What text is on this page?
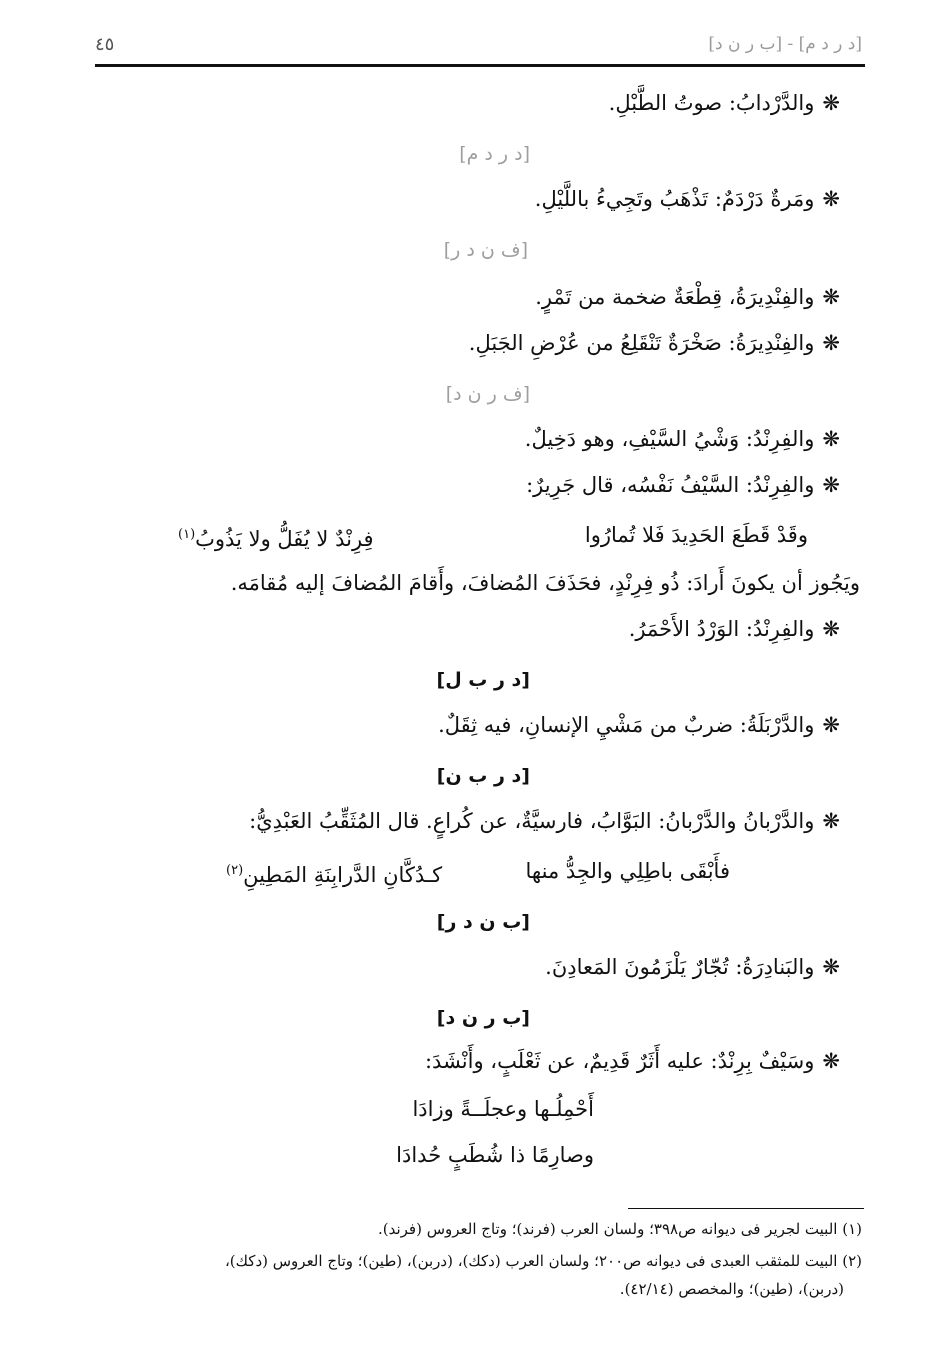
[د ر د م] - [ب ر ن د]
٤٥
❋والدَّرْدابُ: صوتُ الطَّبْلِ.
[د ر د م]
❋ومَرةٌ دَرْدَمٌ: تَذْهَبُ وتَجِيءُ باللَّيْلِ.
[ف ن د ر]
❋والفِنْدِيرَةُ، قِطْعَةٌ ضخمة من تَمْرٍ.
❋والفِنْدِيرَةُ: صَخْرَةٌ تَنْقَلِعُ من عُرْضِ الجَبَلِ.
[ف ر ن د]
❋والفِرِنْدُ: وَشْيُ السَّيْفِ، وهو دَخِيلٌ.
❋والفِرِنْدُ: السَّيْفُ نَفْسُه، قال جَرِيرٌ:
وقَدْ قَطَعَ الحَدِيدَ فَلا تُمارُوا
فِرِنْدٌ لا يُفَلُّ ولا يَذُوبُ$^{(١)}$
ويَجُوز أن يكونَ أَرادَ: ذُو فِرِنْدٍ، فحَذَفَ المُضافَ، وأَقامَ المُضافَ إليه مُقامَه.
❋والفِرِنْدُ: الوَرْدُ الأَحْمَرُ.
[د ر ب ل]
❋والدَّرْبَلَةُ: ضربٌ من مَشْيِ الإنسانِ، فيه ثِقَلٌ.
[د ر ب ن]
❋والدَّرْبانُ والدَّرْبانُ: البَوَّابُ، فارسيَّةٌ، عن كُراعٍ. قال المُثَقِّبُ العَبْدِيُّ:
فأَبْقَى باطِلِي والجِدُّ منها
كـدُكَّانِ الدَّرابِنَةِ المَطِينِ$^{(٢)}$
[ب ن د ر]
❋والبَنادِرَةُ: تُجّارٌ يَلْزَمُونَ المَعادِنَ.
[ب ر ن د]
❋وسَيْفٌ بِرِنْدٌ: عليه أَثَرٌ قَدِيمٌ، عن ثَعْلَبٍ، وأَنْشَدَ:
أَحْمِلُـها وعجلَــةً وزادَا
وصارِمًا ذا شُطَبٍ حُدادَا
(١) البيت لجرير فى ديوانه ص٣٩٨؛ ولسان العرب (فرند)؛ وتاج العروس (فرند).
(٢) البيت للمثقب العبدى فى ديوانه ص٢٠٠؛ ولسان العرب (دكك)، (دربن)، (طين)؛ وتاج العروس (دكك)،
(دربن)، (طين)؛ والمخصص (٤٢/١٤).
